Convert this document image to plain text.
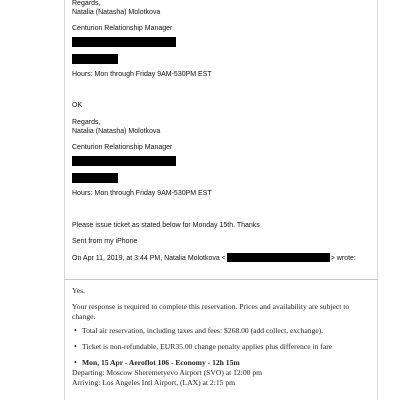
Regards,
Natalia (Natasha) Molotkova
Centurion Relationship Manager
Hours: Mon through Friday 9AM-530PM EST
OK
Regards,
Natalia (Natasha) Molotkova
Centurion Relationship Manager
Hours: Mon through Friday 9AM-530PM EST
Please issue ticket as stated below for Monday 15th. Thanks
Sent from my iPhone
On Apr 11, 2019, at 3:44 PM, Natalia Molotkova <	> wrote:
Yes.
Your response is required to complete this reservation. Prices and availability are subject to change.
• Total air reservation, including taxes and fees: $268.00 (add collect, exchange).
• Ticket is non-refundable, EUR35.00 change penalty applies plus difference in fare
• Mon, 15 Apr - Aeroflot 106 - Economy - 12h 15m
Departing: Moscow Sheremetyevo Airport (SVO) at 12:00 pm
Arriving: Los Angeles Intl Airport, (LAX) at 2:15 pm
